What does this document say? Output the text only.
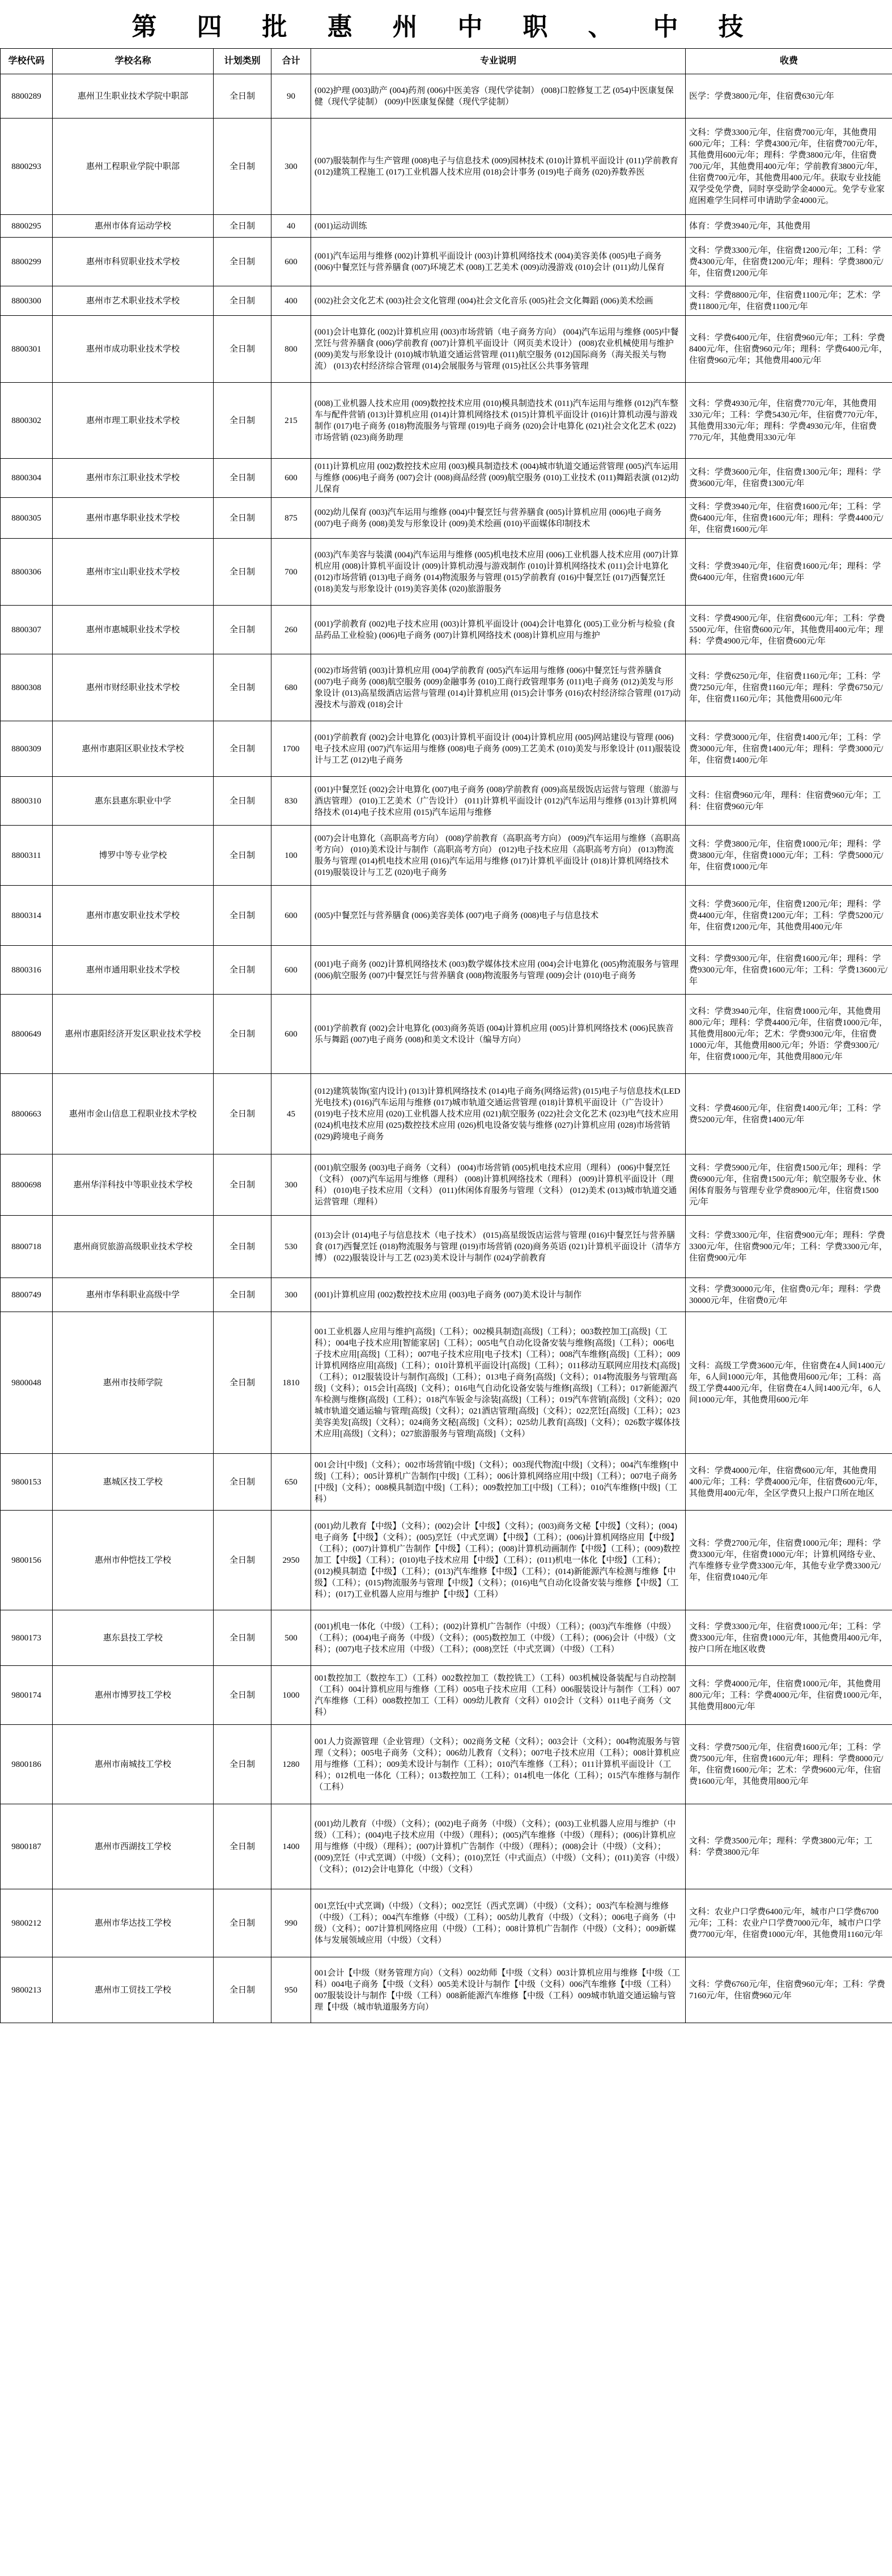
第 四 批 惠 州 中 职 、 中 技
学校代码	学校名称	计划类别	合计	专业说明	收费
8800289	惠州卫生职业技术学院中职部	全日制	90	(002)护理 (003)助产 (004)药剂 (006)中医美容（现代学徒制） (008)口腔修复工艺 (054)中医康复保健（现代学徒制） (009)中医康复保健（现代学徒制）	医学：学费3800元/年，住宿费630元/年
8800293	惠州工程职业学院中职部	全日制	300	(007)服装制作与生产管理 (008)电子与信息技术 (009)园林技术 (010)计算机平面设计 (011)学前教育 (012)建筑工程施工 (017)工业机器人技术应用 (018)会计事务 (019)电子商务 (020)养数养医	文科：学费3300元/年，住宿费700元/年，其他费用600元/年；工科：学费4300元/年，住宿费700元/年，其他费用600元/年；理科：学费3800元/年，住宿费700元/年，其他费用400元/年；学前教育3800元/年，住宿费700元/年，其他费用400元/年。获取专业技能双学受免学费，同时享受助学金4000元。免学专业家庭困难学生同样可申请助学金4000元。
8800295	惠州市体育运动学校	全日制	40	(001)运动训练	体育：学费3940元/年，其他费用
8800299	惠州市科贸职业技术学校	全日制	600	(001)汽车运用与维修 (002)计算机平面设计 (003)计算机网络技术 (004)美容美体 (005)电子商务 (006)中餐烹饪与营养膳食 (007)环境艺术 (008)工艺美术 (009)动漫游戏 (010)会计 (011)幼儿保育	文科：学费3300元/年，住宿费1200元/年；工科：学费4300元/年，住宿费1200元/年；理科：学费3800元/年，住宿费1200元/年
8800300	惠州市艺术职业技术学校	全日制	400	(002)社会文化艺术 (003)社会文化管理 (004)社会文化音乐 (005)社会文化舞蹈 (006)美术绘画	文科：学费8800元/年，住宿费1100元/年；艺术：学费11800元/年，住宿费1100元/年
8800301	惠州市成功职业技术学校	全日制	800	(001)会计电算化 (002)计算机应用 (003)市场营销（电子商务方向） (004)汽车运用与维修 (005)中餐烹饪与营养膳食 (006)学前教育 (007)计算机平面设计（网页美术设计） (008)农业机械使用与维护 (009)美发与形象设计 (010)城市轨道交通运营管理 (011)航空服务 (012)国际商务（海关报关与物流） (013)农村经济综合管理 (014)会展服务与管理 (015)社区公共事务管理	文科：学费6400元/年，住宿费960元/年；工科：学费8400元/年，住宿费960元/年；理科：学费6400元/年，住宿费960元/年；其他费用400元/年
8800302	惠州市理工职业技术学校	全日制	215	(008)工业机器人技术应用 (009)数控技术应用 (010)模具制造技术 (011)汽车运用与维修 (012)汽车整车与配件营销 (013)计算机应用 (014)计算机网络技术 (015)计算机平面设计 (016)计算机动漫与游戏制作 (017)电子商务 (018)物流服务与管理 (019)电子商务 (020)会计电算化 (021)社会文化艺术 (022)市场营销 (023)商务助理	文科：学费4930元/年，住宿费770元/年，其他费用330元/年；工科：学费5430元/年，住宿费770元/年，其他费用330元/年；理科：学费4930元/年，住宿费770元/年，其他费用330元/年
8800304	惠州市东江职业技术学校	全日制	600	(011)计算机应用 (002)数控技术应用 (003)模具制造技术 (004)城市轨道交通运营管理 (005)汽车运用与维修 (006)电子商务 (007)会计 (008)商品经营 (009)航空服务 (010)工业技术 (011)舞蹈表演 (012)幼儿保育	文科：学费3600元/年，住宿费1300元/年；理科：学费3600元/年，住宿费1300元/年
8800305	惠州市惠华职业技术学校	全日制	875	(002)幼儿保育 (003)汽车运用与维修 (004)中餐烹饪与营养膳食 (005)计算机应用 (006)电子商务 (007)电子商务 (008)美发与形象设计 (009)美术绘画 (010)平面媒体印制技术	文科：学费3940元/年，住宿费1600元/年；工科：学费6400元/年，住宿费1600元/年；理科：学费4400元/年，住宿费1600元/年
8800306	惠州市宝山职业技术学校	全日制	700	(003)汽车美容与装潢 (004)汽车运用与维修 (005)机电技术应用 (006)工业机器人技术应用 (007)计算机应用 (008)计算机平面设计 (009)计算机动漫与游戏制作 (010)计算机网络技术 (011)会计电算化 (012)市场营销 (013)电子商务 (014)物流服务与管理 (015)学前教育 (016)中餐烹饪 (017)西餐烹饪 (018)美发与形象设计 (019)美容美体 (020)旅游服务	文科：学费3940元/年，住宿费1600元/年；理科：学费6400元/年，住宿费1600元/年
8800307	惠州市惠城职业技术学校	全日制	260	(001)学前教育 (002)电子技术应用 (003)计算机平面设计 (004)会计电算化 (005)工业分析与检验 (食品药品工业检验) (006)电子商务 (007)计算机网络技术 (008)计算机应用与维护	文科：学费4900元/年，住宿费600元/年；工科：学费5500元/年，住宿费600元/年，其他费用400元/年；理科：学费4900元/年，住宿费600元/年
8800308	惠州市财经职业技术学校	全日制	680	(002)市场营销 (003)计算机应用 (004)学前教育 (005)汽车运用与维修 (006)中餐烹饪与营养膳食 (007)电子商务 (008)航空服务 (009)金融事务 (010)工商行政管理事务 (011)电子商务 (012)美发与形象设计 (013)高星级酒店运营与管理 (014)计算机应用 (015)会计事务 (016)农村经济综合管理 (017)动漫技术与游戏 (018)会计	文科：学费6250元/年，住宿费1160元/年；工科：学费7250元/年，住宿费1160元/年；理科：学费6750元/年，住宿费1160元/年；其他费用600元/年
8800309	惠州市惠阳区职业技术学校	全日制	1700	(001)学前教育 (002)会计电算化 (003)计算机平面设计 (004)计算机应用 (005)网站建设与管理 (006)电子技术应用 (007)汽车运用与维修 (008)电子商务 (009)工艺美术 (010)美发与形象设计 (011)服装设计与工艺 (012)电子商务	文科：学费3000元/年，住宿费1400元/年；工科：学费3000元/年，住宿费1400元/年；理科：学费3000元/年，住宿费1400元/年
8800310	惠东县惠东职业中学	全日制	830	(001)中餐烹饪 (002)会计电算化 (007)电子商务 (008)学前教育 (009)高星级饭店运营与管理（旅游与酒店管理） (010)工艺美术（广告设计） (011)计算机平面设计 (012)汽车运用与维修 (013)计算机网络技术 (014)电子技术应用 (015)汽车运用与维修	文科：住宿费960元/年，理科：住宿费960元/年；工科：住宿费960元/年
8800311	博罗中等专业学校	全日制	100	(007)会计电算化（高职高考方向） (008)学前教育（高职高考方向） (009)汽车运用与维修（高职高考方向） (010)美术设计与制作（高职高考方向） (012)电子技术应用（高职高考方向） (013)物流服务与管理 (014)机电技术应用 (016)汽车运用与维修 (017)计算机平面设计 (018)计算机网络技术 (019)服装设计与工艺 (020)电子商务	文科：学费3800元/年，住宿费1000元/年；理科：学费3800元/年，住宿费1000元/年；工科：学费5000元/年，住宿费1000元/年
8800314	惠州市惠安职业技术学校	全日制	600	(005)中餐烹饪与营养膳食 (006)美容美体 (007)电子商务 (008)电子与信息技术	文科：学费3600元/年，住宿费1200元/年；理科：学费4400元/年，住宿费1200元/年；工科：学费5200元/年，住宿费1200元/年，其他费用400元/年
8800316	惠州市通用职业技术学校	全日制	600	(001)电子商务 (002)计算机网络技术 (003)数学媒体技术应用 (004)会计电算化 (005)物流服务与管理 (006)航空服务 (007)中餐烹饪与营养膳食 (008)物流服务与管理 (009)会计 (010)电子商务	文科：学费9300元/年，住宿费1600元/年；理科：学费9300元/年，住宿费1600元/年；工科：学费13600元/年
8800649	惠州市惠阳经济开发区职业技术学校	全日制	600	(001)学前教育 (002)会计电算化 (003)商务英语 (004)计算机应用 (005)计算机网络技术 (006)民族音乐与舞蹈 (007)电子商务 (008)和美文术设计（编导方向）	文科：学费3940元/年，住宿费1000元/年，其他费用800元/年；理科：学费4400元/年，住宿费1000元/年，其他费用800元/年；艺术：学费9300元/年，住宿费1000元/年，其他费用800元/年；外语：学费9300元/年，住宿费1000元/年，其他费用800元/年
8800663	惠州市金山信息工程职业技术学校	全日制	45	(012)建筑装饰(室内设计) (013)计算机网络技术 (014)电子商务(网络运营) (015)电子与信息技术(LED光电技术) (016)汽车运用与维修 (017)城市轨道交通运营管理 (018)计算机平面设计（广告设计） (019)电子技术应用 (020)工业机器人技术应用 (021)航空服务 (022)社会文化艺术 (023)电气技术应用 (024)机电技术应用 (025)数控技术应用 (026)机电设备安装与维修 (027)计算机应用 (028)市场营销 (029)跨境电子商务	文科：学费4600元/年，住宿费1400元/年；工科：学费5200元/年，住宿费1400元/年
8800698	惠州华洋科技中等职业技术学校	全日制	300	(001)航空服务 (003)电子商务（文科） (004)市场营销 (005)机电技术应用（理科） (006)中餐烹饪（文科） (007)汽车运用与维修（理科） (008)计算机网络技术（理科） (009)计算机平面设计（理科） (010)电子技术应用（文科） (011)休闲体育服务与管理（文科） (012)美术 (013)城市轨道交通运营管理（理科）	文科：学费5900元/年，住宿费1500元/年；理科：学费6900元/年，住宿费1500元/年；航空服务专业、休闲体育服务与管理专业学费8900元/年，住宿费1500元/年
8800718	惠州商贸旅游高级职业技术学校	全日制	530	(013)会计 (014)电子与信息技术（电子技术） (015)高星级饭店运营与管理 (016)中餐烹饪与营养膳食 (017)西餐烹饪 (018)物流服务与管理 (019)市场营销 (020)商务英语 (021)计算机平面设计（清华方博） (022)服装设计与工艺 (023)美术设计与制作 (024)学前教育	文科：学费3300元/年，住宿费900元/年；理科：学费3300元/年，住宿费900元/年；工科：学费3300元/年，住宿费900元/年
8800749	惠州市华科职业高级中学	全日制	300	(001)计算机应用 (002)数控技术应用 (003)电子商务 (007)美术设计与制作	文科：学费30000元/年，住宿费0元/年；理科：学费30000元/年，住宿费0元/年
9800048	惠州市技师学院	全日制	1810	001工业机器人应用与维护[高级]（工科）；002模具制造[高级]（工科）；003数控加工[高级]（工科）；004电子技术应用[智能家居]（工科）；005电气自动化设备安装与维修[高级]（工科）；006电子技术应用[高级]（工科）；007电子技术应用[电子技术]（工科）；008汽车维修[高级]（工科）；009计算机网络应用[高级]（工科）；010计算机平面设计[高级]（工科）；011移动互联网应用技术[高级]（工科）；012服装设计与制作[高级]（工科）；013电子商务[高级]（文科）；014物流服务与管理[高级]（文科）；015会计[高级]（文科）；016电气自动化设备安装与维修[高级]（工科）；017新能源汽车检测与维修[高级]（工科）；018汽车钣金与涂装[高级]（工科）；019汽车营销[高级]（文科）；020城市轨道交通运输与管理[高级]（文科）；021酒店管理[高级]（文科）；022烹饪[高级]（工科）；023美容美发[高级]（文科）；024商务文秘[高级]（文科）；025幼儿教育[高级]（文科）；026数字媒体技术应用[高级]（文科）；027旅游服务与管理[高级]（文科）	文科：高级工学费3600元/年，住宿费在4人间1400元/年，6人间1000元/年，其他费用600元/年；工科：高级工学费4400元/年，住宿费在4人间1400元/年，6人间1000元/年，其他费用600元/年
9800153	惠城区技工学校	全日制	650	001会计[中级]（文科）；002市场营销[中级]（文科）；003现代物流[中级]（文科）；004汽车维修[中级]（工科）；005计算机广告制作[中级]（工科）；006计算机网络应用[中级]（工科）；007电子商务[中级]（文科）；008模具制造[中级]（工科）；009数控加工[中级]（工科）；010汽车维修[中级]（工科）	文科：学费4000元/年，住宿费600元/年，其他费用400元/年；工科：学费4000元/年，住宿费600元/年，其他费用400元/年，全区学费只上报户口所在地区
9800156	惠州市仲恺技工学校	全日制	2950	(001)幼儿教育【中级】（文科）；(002)会计【中级】（文科）；(003)商务文秘【中级】（文科）；(004)电子商务【中级】（文科）；(005)烹饪（中式烹调）【中级】（工科）；(006)计算机网络应用【中级】（工科）；(007)计算机广告制作【中级】（工科）；(008)计算机动画制作【中级】（工科）；(009)数控加工【中级】（工科）；(010)电子技术应用【中级】（工科）；(011)机电一体化【中级】（工科）；(012)模具制造【中级】（工科）；(013)汽车维修【中级】（工科）；(014)新能源汽车检测与维修【中级】（工科）；(015)物流服务与管理【中级】（文科）；(016)电气自动化设备安装与维修【中级】（工科）；(017)工业机器人应用与维护【中级】（工科）	文科：学费2700元/年，住宿费1000元/年；理科：学费3300元/年，住宿费1000元/年；计算机网络专业、汽车维修专业学费3300元/年，其他专业学费3300元/年，住宿费1040元/年
9800173	惠东县技工学校	全日制	500	(001)机电一体化（中级）（工科）；(002)计算机广告制作（中级）（工科）；(003)汽车维修（中级）（工科）；(004)电子商务（中级）（文科）；(005)数控加工（中级）（工科）；(006)会计（中级）（文科）；(007)电子技术应用（中级）（工科）；(008)烹饪（中式烹调）（中级）（工科）	文科：学费3300元/年，住宿费1000元/年；工科：学费3300元/年，住宿费1000元/年，其他费用400元/年，按户口所在地区收费
9800174	惠州市博罗技工学校	全日制	1000	001数控加工（数控车工）（工科）002数控加工（数控铣工）（工科）003机械设备装配与自动控制（工科）004计算机应用与维修（工科）005电子技术应用（工科）006服装设计与制作（工科）007汽车维修（工科）008数控加工（工科）009幼儿教育（文科）010会计（文科）011电子商务（文科）	文科：学费4000元/年，住宿费1000元/年，其他费用800元/年；工科：学费4000元/年，住宿费1000元/年，其他费用800元/年
9800186	惠州市南城技工学校	全日制	1280	001人力资源管理（企业管理）（文科）；002商务文秘（文科）；003会计（文科）；004物流服务与管理（文科）；005电子商务（文科）；006幼儿教育（文科）；007电子技术应用（工科）；008计算机应用与维修（工科）；009美术设计与制作（工科）；010汽车维修（工科）；011计算机平面设计（工科）；012机电一体化（工科）；013数控加工（工科）；014机电一体化（工科）；015汽车维修与制作（工科）	文科：学费7500元/年，住宿费1600元/年；工科：学费7500元/年，住宿费1600元/年；理科：学费8000元/年，住宿费1600元/年；艺术：学费9600元/年，住宿费1600元/年，其他费用800元/年
9800187	惠州市西湖技工学校	全日制	1400	(001)幼儿教育（中级）（文科）；(002)电子商务（中级）（文科）；(003)工业机器人应用与维护（中级）（工科）；(004)电子技术应用（中级）（理科）；(005)汽车维修（中级）（理科）；(006)计算机应用与维修（中级）（理科）；(007)计算机广告制作（中级）（理科）；(008)会计（中级）（文科）；(009)烹饪（中式烹调）（中级）（文科）；(010)烹饪（中式面点）（中级）（文科）；(011)美容（中级）（文科）；(012)会计电算化（中级）（文科）	文科：学费3500元/年；理科：学费3800元/年；工科：学费3800元/年
9800212	惠州市华达技工学校	全日制	990	001烹饪(中式烹调)（中级）（文科）；002烹饪（西式烹调）（中级）（文科）；003汽车检测与维修（中级）（工科）；004汽车维修（中级）（工科）；005幼儿教育（中级）（文科）；006电子商务（中级）（文科）；007计算机网络应用（中级）（工科）；008计算机广告制作（中级）（文科）；009新媒体与发展领域应用（中级）（文科）	文科：农业户口学费6400元/年，城市户口学费6700元/年；工科：农业户口学费7000元/年，城市户口学费7700元/年，住宿费1000元/年，其他费用1160元/年
9800213	惠州市工贸技工学校	全日制	950	001会计【中级（财务管理方向）（文科）002幼师【中级（文科）003计算机应用与维修【中级（工科）004电子商务【中级（文科）005美术设计与制作【中级（文科）006汽车维修【中级（工科）007服装设计与制作【中级（工科）008新能源汽车维修【中级（工科）009城市轨道交通运输与管理【中级（城市轨道服务方向）	文科：学费6760元/年，住宿费960元/年；工科：学费7160元/年，住宿费960元/年
